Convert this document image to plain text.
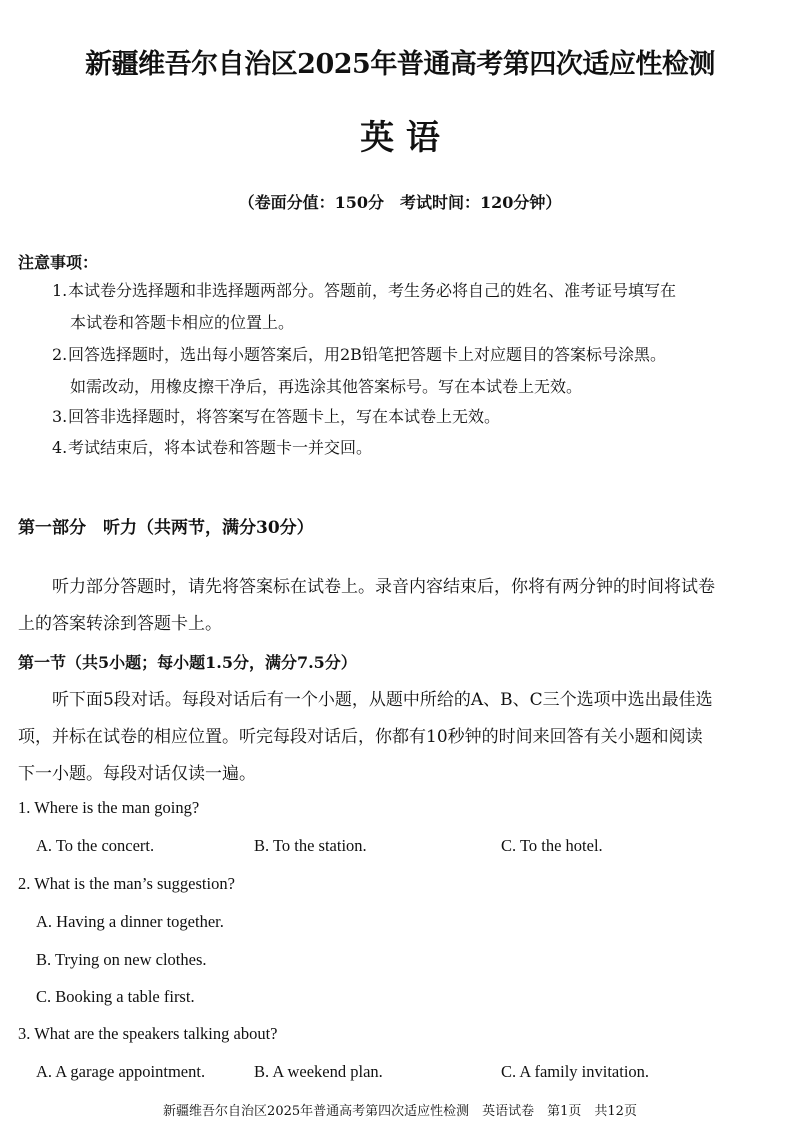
新疆维吾尔自治区2025年普通高考第四次适应性检测
英 语
（卷面分值：150分　考试时间：120分钟）
注意事项：
1.本试卷分选择题和非选择题两部分。答题前，考生务必将自己的姓名、准考证号填写在
本试卷和答题卡相应的位置上。
2.回答选择题时，选出每小题答案后，用2B铅笔把答题卡上对应题目的答案标号涂黑。
如需改动，用橡皮擦干净后，再选涂其他答案标号。写在本试卷上无效。
3.回答非选择题时，将答案写在答题卡上，写在本试卷上无效。
4.考试结束后，将本试卷和答题卡一并交回。
第一部分　听力（共两节，满分30分）
听力部分答题时，请先将答案标在试卷上。录音内容结束后，你将有两分钟的时间将试卷
上的答案转涂到答题卡上。
第一节（共5小题；每小题1.5分，满分7.5分）
听下面5段对话。每段对话后有一个小题，从题中所给的A、B、C三个选项中选出最佳选
项，并标在试卷的相应位置。听完每段对话后，你都有10秒钟的时间来回答有关小题和阅读
下一小题。每段对话仅读一遍。
1. Where is the man going?
A. To the concert.	B. To the station.	C. To the hotel.
2. What is the man’s suggestion?
A. Having a dinner together.
B. Trying on new clothes.
C. Booking a table first.
3. What are the speakers talking about?
A. A garage appointment.	B. A weekend plan.	C. A family invitation.
新疆维吾尔自治区2025年普通高考第四次适应性检测　英语试卷　第1页　共12页
